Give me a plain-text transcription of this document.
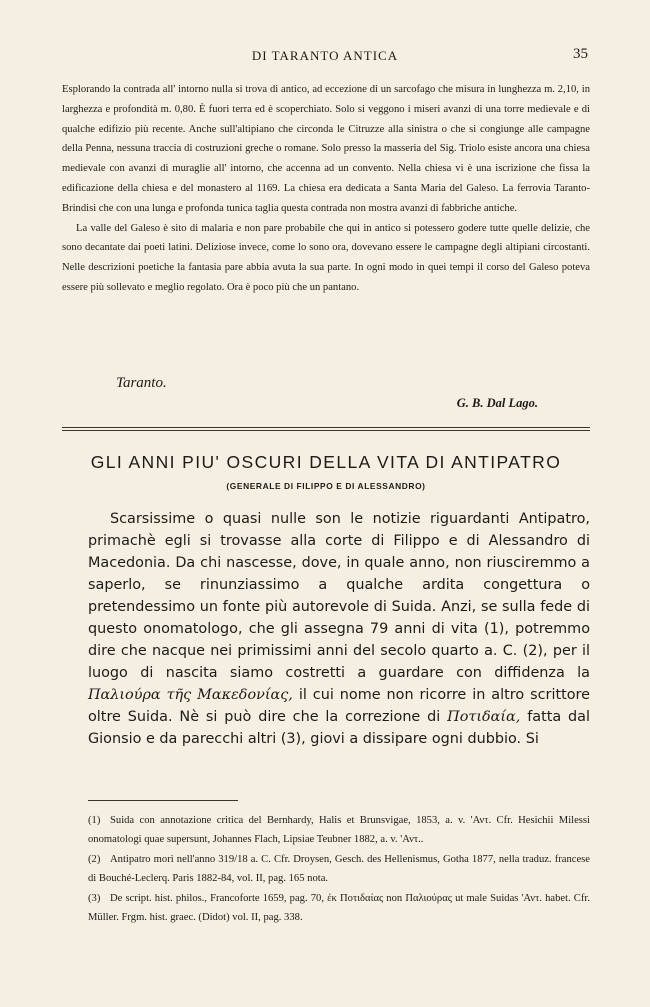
DI TARANTO ANTICA	35

Esplorando la contrada all' intorno nulla si trova di antico, ad eccezione di un sarcofago che misura in lunghezza m. 2,10, in larghezza e profondità m. 0,80. È fuori terra ed è scoperchiato. Solo si veggono i miseri avanzi di una torre medievale e di qualche edifizio più recente. Anche sull'altipiano che circonda le Citruzze alla sinistra o che si congiunge alle campagne della Penna, nessuna traccia di costruzioni greche o romane. Solo presso la masseria del Sig. Triolo esiste ancora una chiesa medievale con avanzi di muraglie all' intorno, che accenna ad un convento. Nella chiesa vi è una iscrizione che fissa la edificazione della chiesa e del monastero al 1169. La chiesa era dedicata a Santa Maria del Galeso. La ferrovia Taranto-Brindisi che con una lunga e profonda tunica taglia questa contrada non mostra avanzi di fabbriche antiche.

La valle del Galeso è sito di malaria e non pare probabile che qui in antico si potessero godere tutte quelle delizie, che sono decantate dai poeti latini. Deliziose invece, come lo sono ora, dovevano essere le campagne degli altipiani circostanti. Nelle descrizioni poetiche la fantasia pare abbia avuta la sua parte. In ogni modo in quei tempi il corso del Galeso poteva essere più sollevato e meglio regolato. Ora è poco più che un pantano.

Taranto.
G. B. Dal Lago.
GLI ANNI PIU' OSCURI DELLA VITA DI ANTIPATRO
(GENERALE DI FILIPPO E DI ALESSANDRO)

Scarsissime o quasi nulle son le notizie riguardanti Antipatro, primachè egli si trovasse alla corte di Filippo e di Alessandro di Macedonia. Da chi nascesse, dove, in quale anno, non riusciremmo a saperlo, se rinunziassimo a qualche ardita congettura o pretendessimo un fonte più autorevole di Suida. Anzi, se sulla fede di questo onomatologo, che gli assegna 79 anni di vita (1), potremmo dire che nacque nei primissimi anni del secolo quarto a. C. (2), per il luogo di nascita siamo costretti a guardare con diffidenza la Παλιούρα τῆς Μακεδονίας, il cui nome non ricorre in altro scrittore oltre Suida. Nè si può dire che la correzione di Ποτιδαία, fatta dal Gionsio e da parecchi altri (3), giovi a dissipare ogni dubbio. Si

(1) Suida con annotazione critica del Bernhardy, Halis et Brunsvigae, 1853, a. v. 'Αντ. Cfr. Hesichii Milessi onomatologi quae supersunt, Johannes Flach, Lipsiae Teubner 1882, a. v. 'Αντ..

(2) Antipatro morì nell'anno 319/18 a. C. Cfr. Droysen, Gesch. des Hellenismus, Gotha 1877, nella traduz. francese di Bouché-Leclerq. Paris 1882-84, vol. II, pag. 165 nota.

(3) De script. hist. philos., Francoforte 1659, pag. 70, ἐκ Ποτιδαίας non Παλιούρας ut male Suidas 'Αντ. habet. Cfr. Müller. Frgm. hist. graec. (Didot) vol. II, pag. 338.
